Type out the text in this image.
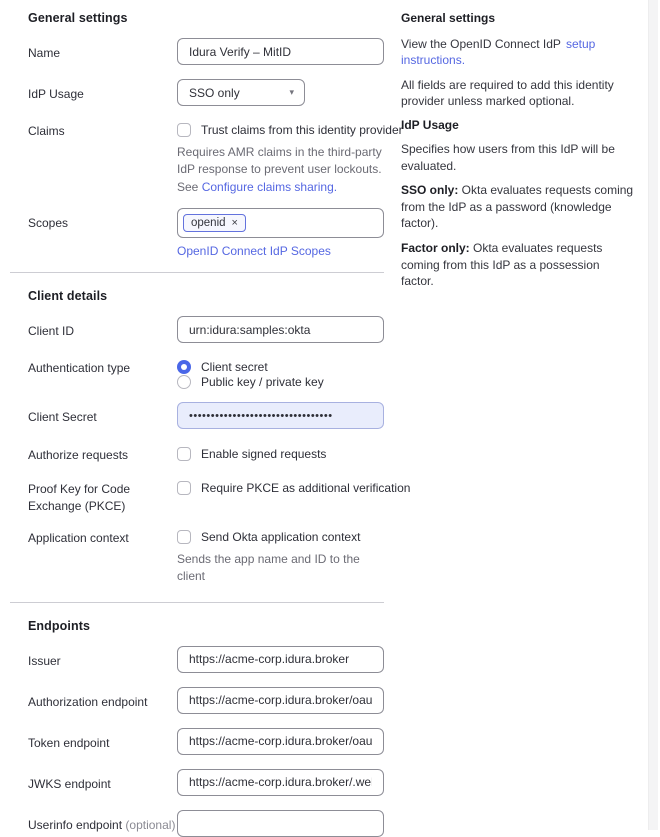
General settings
Name
Idura Verify – MitID
IdP Usage	SSO only	▾
Claims	Trust claims from this identity provider
Requires AMR claims in the third-party IdP response to prevent user lockouts. See Configure claims sharing.
Scopes	openid ×
OpenID Connect IdP Scopes
Client details
Client ID
urn:idura:samples:okta
Authentication type	Client secret
Public key / private key
Client Secret
•••••••••••••••••••••••••••••••••
Authorize requests	Enable signed requests
Proof Key for Code Exchange (PKCE)
Require PKCE as additional verification
Application context	Send Okta application context
Sends the app name and ID to the client
Endpoints
Issuer
https://acme-corp.idura.broker
Authorization endpoint
https://acme-corp.idura.broker/oauth2/authorize
Token endpoint
https://acme-corp.idura.broker/oauth2/token
JWKS endpoint
https://acme-corp.idura.broker/.well-known/jwks.json
Userinfo endpoint (optional)
General settings

View the OpenID Connect IdP setup instructions.

All fields are required to add this identity provider unless marked optional.

IdP Usage

Specifies how users from this IdP will be evaluated.

SSO only: Okta evaluates requests coming from the IdP as a password (knowledge factor).

Factor only: Okta evaluates requests coming from this IdP as a possession factor.
